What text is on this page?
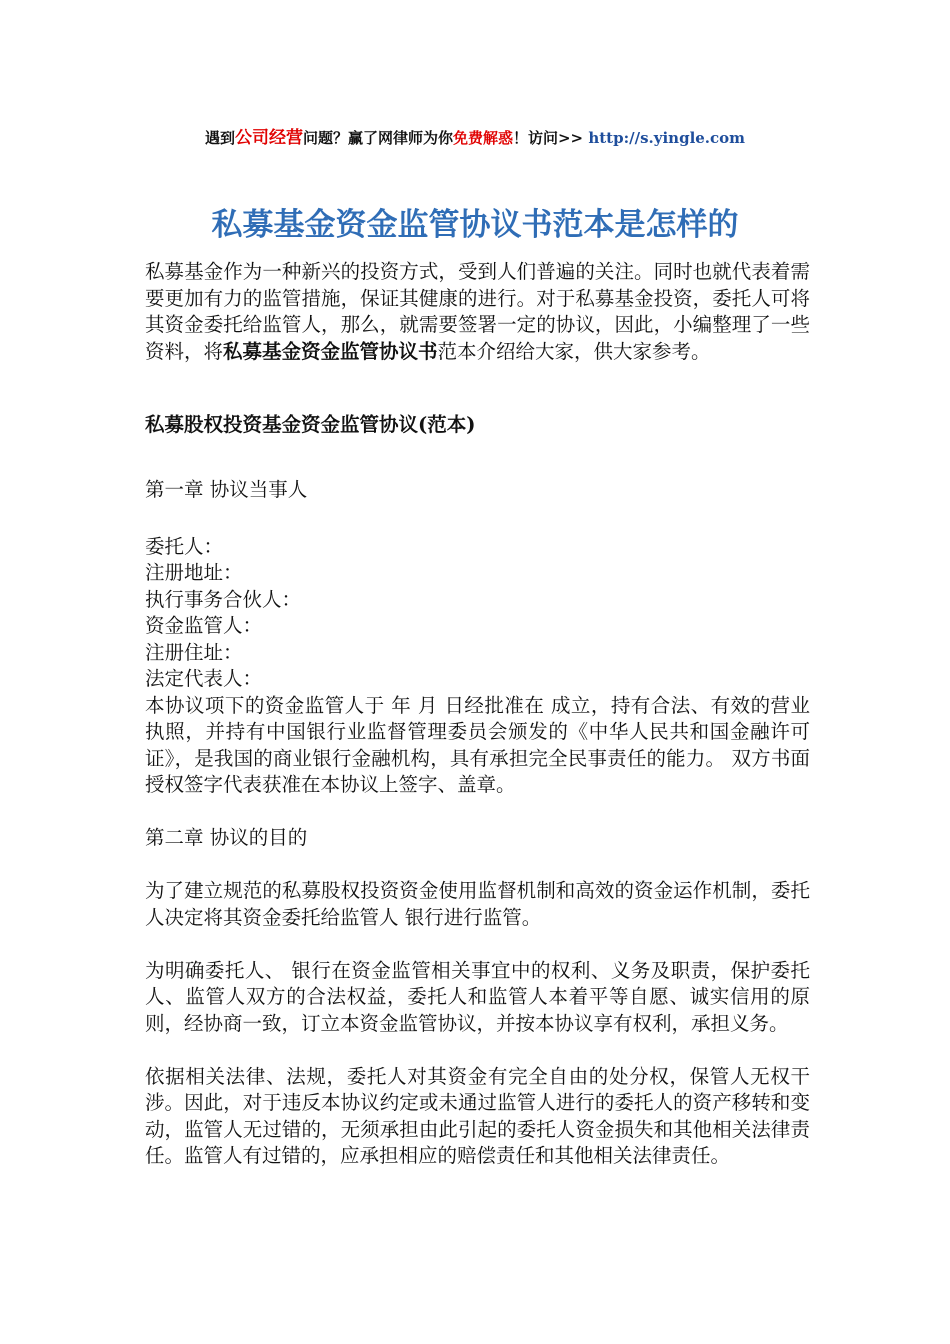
遇到公司经营问题？赢了网律师为你免费解惑！访问>> http://s.yingle.com
私募基金资金监管协议书范本是怎样的

私募基金作为一种新兴的投资方式，受到人们普遍的关注。同时也就代表着需要更加有力的监管措施，保证其健康的进行。对于私募基金投资，委托人可将其资金委托给监管人，那么，就需要签署一定的协议，因此，小编整理了一些资料，将私募基金资金监管协议书范本介绍给大家，供大家参考。

私募股权投资基金资金监管协议(范本)

第一章 协议当事人

委托人：

注册地址：

执行事务合伙人：

资金监管人：

注册住址：

法定代表人：

本协议项下的资金监管人于 年 月 日经批准在 成立，持有合法、有效的营业执照，并持有中国银行业监督管理委员会颁发的《中华人民共和国金融许可证》，是我国的商业银行金融机构，具有承担完全民事责任的能力。 双方书面授权签字代表获准在本协议上签字、盖章。

第二章 协议的目的

为了建立规范的私募股权投资资金使用监督机制和高效的资金运作机制，委托人决定将其资金委托给监管人 银行进行监管。

为明确委托人、 银行在资金监管相关事宜中的权利、义务及职责，保护委托人、监管人双方的合法权益，委托人和监管人本着平等自愿、诚实信用的原则，经协商一致，订立本资金监管协议，并按本协议享有权利，承担义务。

依据相关法律、法规，委托人对其资金有完全自由的处分权，保管人无权干涉。因此，对于违反本协议约定或未通过监管人进行的委托人的资产移转和变动，监管人无过错的，无须承担由此引起的委托人资金损失和其他相关法律责任。监管人有过错的，应承担相应的赔偿责任和其他相关法律责任。
